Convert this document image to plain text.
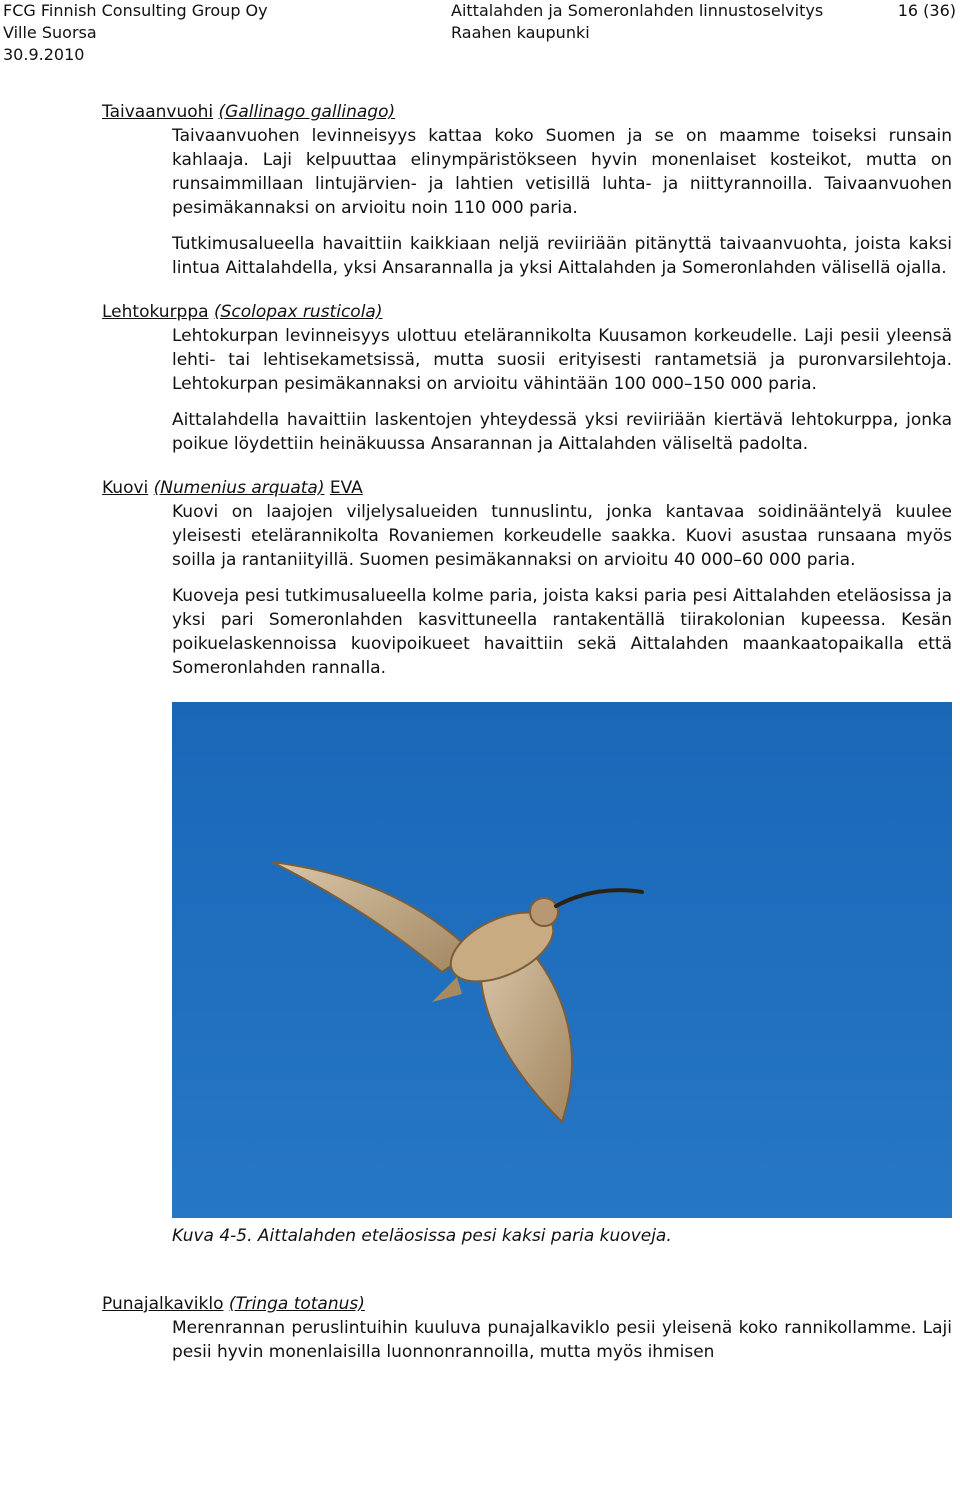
FCG Finnish Consulting Group Oy
Ville Suorsa
30.9.2010
Aittalahden ja Someronlahden linnustoselvitys
Raahen kaupunki
16 (36)
Taivaanvuohi (Gallinago gallinago)
Taivaanvuohen levinneisyys kattaa koko Suomen ja se on maamme toiseksi runsain kahlaaja. Laji kelpuuttaa elinympäristökseen hyvin monenlaiset kosteikot, mutta on runsaimmillaan lintujärvien- ja lahtien vetisillä luhta- ja niittyrannoilla. Taivaanvuohen pesimäkannaksi on arvioitu noin 110 000 paria.
Tutkimusalueella havaittiin kaikkiaan neljä reviiriään pitänyttä taivaanvuohta, joista kaksi lintua Aittalahdella, yksi Ansarannalla ja yksi Aittalahden ja Someronlahden välisellä ojalla.
Lehtokurppa (Scolopax rusticola)
Lehtokurpan levinneisyys ulottuu etelärannikolta Kuusamon korkeudelle. Laji pesii yleensä lehti- tai lehtisekametsissä, mutta suosii erityisesti rantametsiä ja puronvarsilehtoja. Lehtokurpan pesimäkannaksi on arvioitu vähintään 100 000–150 000 paria.
Aittalahdella havaittiin laskentojen yhteydessä yksi reviiriään kiertävä lehtokurppa, jonka poikue löydettiin heinäkuussa Ansarannan ja Aittalahden väliseltä padolta.
Kuovi (Numenius arquata) EVA
Kuovi on laajojen viljelysalueiden tunnuslintu, jonka kantavaa soidinääntelyä kuulee yleisesti etelärannikolta Rovaniemen korkeudelle saakka. Kuovi asustaa runsaana myös soilla ja rantaniityillä. Suomen pesimäkannaksi on arvioitu 40 000–60 000 paria.
Kuoveja pesi tutkimusalueella kolme paria, joista kaksi paria pesi Aittalahden eteläosissa ja yksi pari Someronlahden kasvittuneella rantakentällä tiirakolonian kupeessa. Kesän poikuelaskennoissa kuovipoikueet havaittiin sekä Aittalahden maankaatopaikalla että Someronlahden rannalla.
Kuva 4-5. Aittalahden eteläosissa pesi kaksi paria kuoveja.
Punajalkaviklo (Tringa totanus)
Merenrannan peruslintuihin kuuluva punajalkaviklo pesii yleisenä koko rannikollamme. Laji pesii hyvin monenlaisilla luonnonrannoilla, mutta myös ihmisen
